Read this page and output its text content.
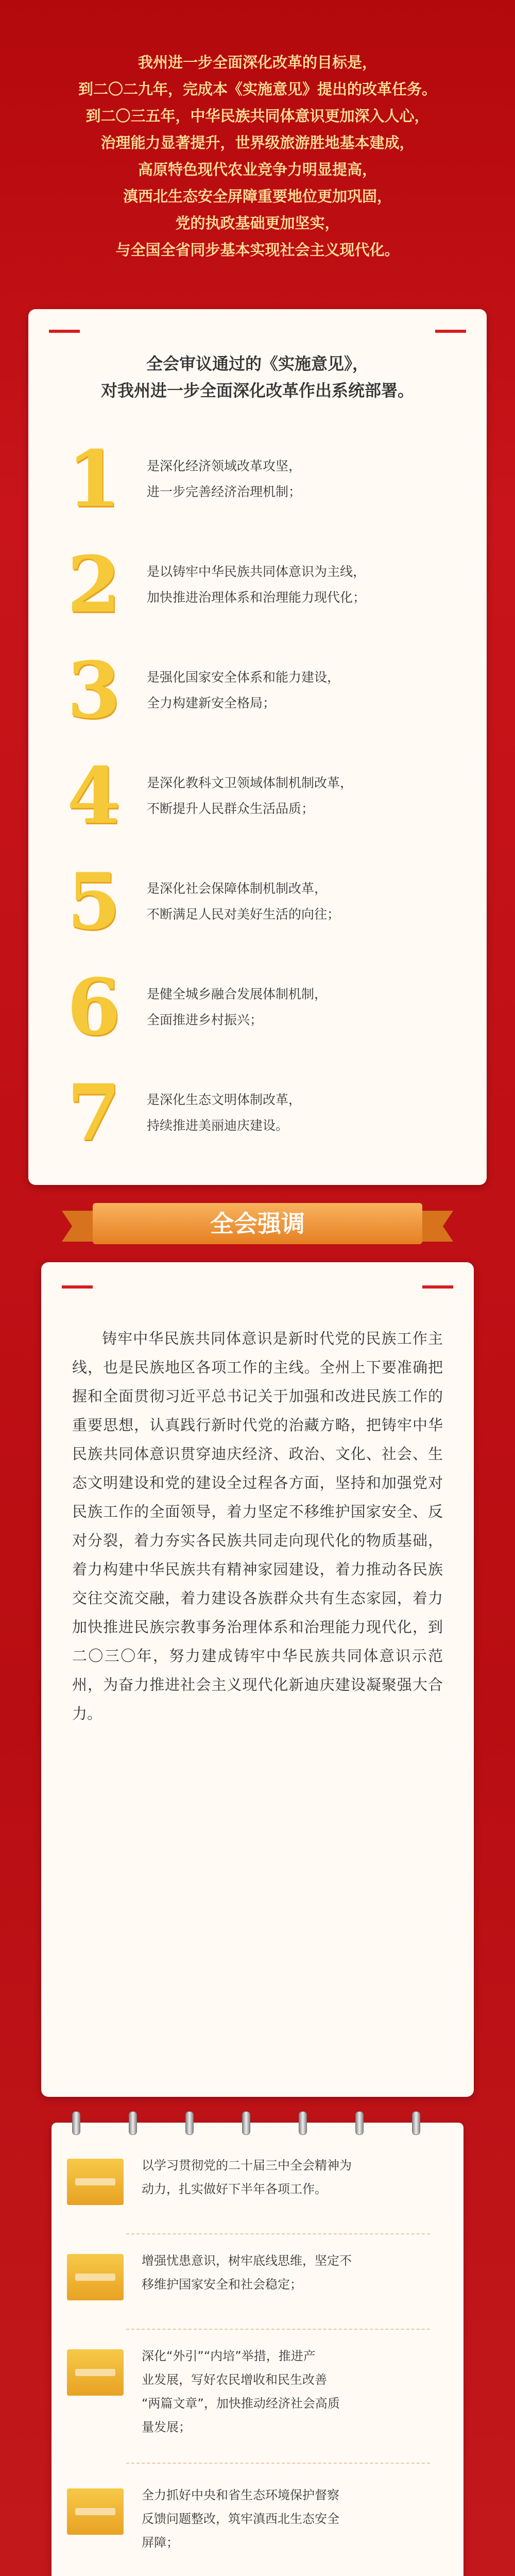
我州进一步全面深化改革的目标是，

到二〇二九年，完成本《实施意见》提出的改革任务。

到二〇三五年，中华民族共同体意识更加深入人心，

治理能力显著提升，世界级旅游胜地基本建成，

高原特色现代农业竞争力明显提高，

滇西北生态安全屏障重要地位更加巩固，

党的执政基础更加坚实，

与全国全省同步基本实现社会主义现代化。

全会审议通过的《实施意见》，

对我州进一步全面深化改革作出系统部署。

1 是深化经济领域改革攻坚，

进一步完善经济治理机制；

2 是以铸牢中华民族共同体意识为主线，

加快推进治理体系和治理能力现代化；

3 是强化国家安全体系和能力建设，

全力构建新安全格局；

4 是深化教科文卫领域体制机制改革，

不断提升人民群众生活品质；

5 是深化社会保障体制机制改革，

不断满足人民对美好生活的向往；

6 是健全城乡融合发展体制机制，

全面推进乡村振兴；

7 是深化生态文明体制改革，

持续推进美丽迪庆建设。

全会强调

铸牢中华民族共同体意识是新时代党的民族工作主线，也是民族地区各项工作的主线。全州上下要准确把握和全面贯彻习近平总书记关于加强和改进民族工作的重要思想，认真践行新时代党的治藏方略，把铸牢中华民族共同体意识贯穿迪庆经济、政治、文化、社会、生态文明建设和党的建设全过程各方面，坚持和加强党对民族工作的全面领导，着力坚定不移维护国家安全、反对分裂，着力夯实各民族共同走向现代化的物质基础，着力构建中华民族共有精神家园建设，着力推动各民族交往交流交融，着力建设各族群众共有生态家园，着力加快推进民族宗教事务治理体系和治理能力现代化，到二〇三〇年，努力建成铸牢中华民族共同体意识示范州，为奋力推进社会主义现代化新迪庆建设凝聚强大合力。

以学习贯彻党的二十届三中全会精神为

动力，扎实做好下半年各项工作。

增强忧患意识，树牢底线思维，坚定不

移维护国家安全和社会稳定；

深化“外引”“内培”举措，推进产

业发展，写好农民增收和民生改善

“两篇文章”，加快推动经济社会高质

量发展；

全力抓好中央和省生态环境保护督察

反馈问题整改，筑牢滇西北生态安全

屏障；
